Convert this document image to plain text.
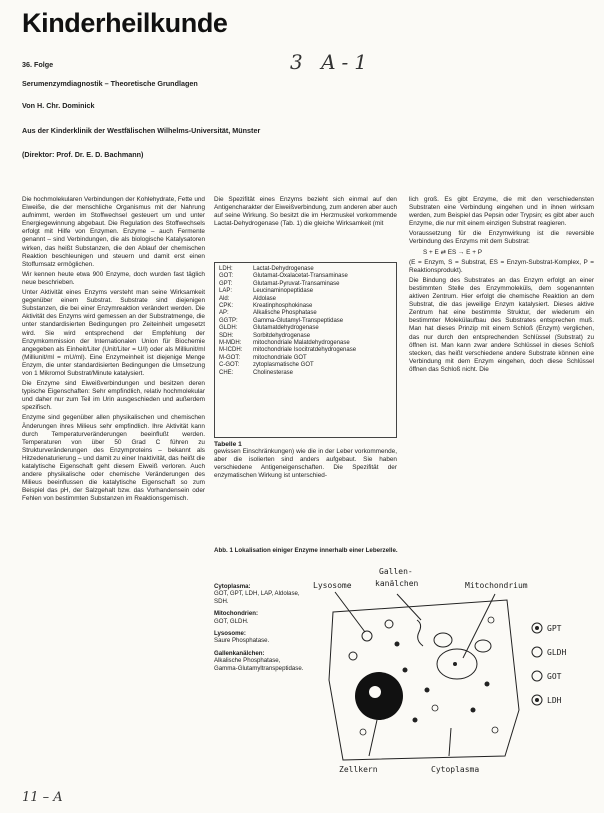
Kinderheilkunde
3 A-1
36. Folge
Serumenzymdiagnostik – Theoretische Grundlagen
Von H. Chr. Dominick
Aus der Kinderklinik der Westfälischen Wilhelms-Universität, Münster
(Direktor: Prof. Dr. E. D. Bachmann)

Die hochmolekularen Verbindungen der Kohlehydrate, Fette und Eiweiße, die der menschliche Organismus mit der Nahrung aufnimmt, werden im Stoffwechsel gesteuert um und unter Energiegewinnung abgebaut. Die Regulation des Stoffwechsels erfolgt mit Hilfe von Enzymen. Enzyme – auch Fermente genannt – sind Verbindungen, die als biologische Katalysatoren wirken, das heißt Substanzen, die den Ablauf der chemischen Reaktion beschleunigen und steuern und damit erst einen Stoffumsatz ermöglichen.

Wir kennen heute etwa 900 Enzyme, doch wurden fast täglich neue beschrieben.

Unter Aktivität eines Enzyms versteht man seine Wirksamkeit gegenüber einem Substrat. Substrate sind diejenigen Substanzen, die bei einer Enzymreaktion verändert werden. Die Aktivität des Enzyms wird gemessen an der Substratmenge, die unter standardisierten Bedingungen pro Zeiteinheit umgesetzt wird. Sie wird entsprechend der Empfehlung der Enzymkommission der Internationalen Union für Biochemie angegeben als Einheit/Liter (Unit/Liter = U/l) oder als Milliunit/ml (Milliunit/ml = mU/ml). Eine Enzymeinheit ist diejenige Menge Enzym, die unter standardisierten Bedingungen die Umsetzung von 1 Mikromol Substrat/Minute katalysiert.

Die Enzyme sind Eiweißverbindungen und besitzen deren typische Eigenschaften: Sehr empfindlich, relativ hochmolekular und daher nur zum Teil im Urin ausgeschieden und außerdem spezifisch.

Enzyme sind gegenüber allen physikalischen und chemischen Änderungen ihres Milieus sehr empfindlich. Ihre Aktivität kann durch Temperaturveränderungen beeinflußt werden. Temperaturen von über 50 Grad C führen zu Strukturveränderungen des Enzymproteins – bekannt als Hitzedenaturierung – und damit zu einer Inaktivität, das heißt die katalytische Eigenschaft geht diesem Eiweiß verloren. Auch andere physikalische oder chemische Veränderungen des Milieus beeinflussen die katalytische Eigenschaft so zum Beispiel das pH, der Salzgehalt bzw. das Vorhandensein oder Fehlen von bestimmten Substanzen im Reaktionsgemisch.

Die Spezifität eines Enzyms bezieht sich einmal auf den Antigencharakter der Eiweißverbindung, zum anderen aber auch auf seine Wirkung. So besitzt die im Herzmuskel vorkommende Lactat-Dehydrogenase (Tab. 1) die gleiche Wirksamkeit (mit

LDH:	Lactat-Dehydrogenase
GOT:	Glutamat-Oxalacetat-Transaminase
GPT:	Glutamat-Pyruvat-Transaminase
LAP:	Leucinaminopeptidase
Ald:	Aldolase
CPK:	Kreatinphosphokinase
AP:	Alkalische Phosphatase
GGTP:	Gamma-Glutamyl-Transpeptidase
GLDH:	Glutamatdehydrogenase
SDH:	Sorbitdehydrogenase
M-MDH:	mitochondriale Malatdehydrogenase
M-ICDH:	mitochondriale Isocitratdehydrogenase
M-GOT:	mitochondriale GOT
C-GOT:	zytoplasmatische GOT
CHE:	Cholinesterase
Tabelle 1

gewissen Einschränkungen) wie die in der Leber vorkommende, aber die isolierten sind anders aufgebaut. Sie haben verschiedene Antigeneigenschaften. Die Spezifität der enzymatischen Wirkung ist unterschied-

lich groß. Es gibt Enzyme, die mit den verschiedensten Substraten eine Verbindung eingehen und in ihnen wirksam werden, zum Beispiel das Pepsin oder Trypsin; es gibt aber auch Enzyme, die nur mit einem einzigen Substrat reagieren.

Voraussetzung für die Enzymwirkung ist die reversible Verbindung des Enzyms mit dem Substrat:

S + E ⇄ ES → E + P

(E = Enzym, S = Substrat, ES = Enzym-Substrat-Komplex, P = Reaktionsprodukt).

Die Bindung des Substrates an das Enzym erfolgt an einer bestimmten Stelle des Enzymmoleküls, dem sogenannten aktiven Zentrum. Hier erfolgt die chemische Reaktion an dem Substrat, die das jeweilige Enzym katalysiert. Dieses aktive Zentrum hat eine bestimmte Struktur, der wiederum ein bestimmter Molekülaufbau des Substrates entsprechen muß. Man hat dieses Prinzip mit einem Schloß (Enzym) verglichen, das nur durch den entsprechenden Schlüssel (Substrat) zu öffnen ist. Man kann zwar andere Schlüssel in dieses Schloß stecken, das heißt verschiedene andere Substrate können eine Verbindung mit dem Enzym eingehen, doch diese Schlüssel öffnen das Schloß nicht. Die

Abb. 1 Lokalisation einiger Enzyme innerhalb einer Leberzelle.
Cytoplasma:
GOT, GPT, LDH, LAP, Aldolase, SDH.
Mitochondrien:
GOT, GLDH.
Lysosome:
Saure Phosphatase.
Gallenkanälchen:
Alkalische Phosphatase, Gamma-Glutamyltranspeptidase.
Lysosome
Gallen-
kanälchen	Mitochondrium
Zellkern	Cytoplasma
GPT
GLDH
GOT
LDH
11 – A
